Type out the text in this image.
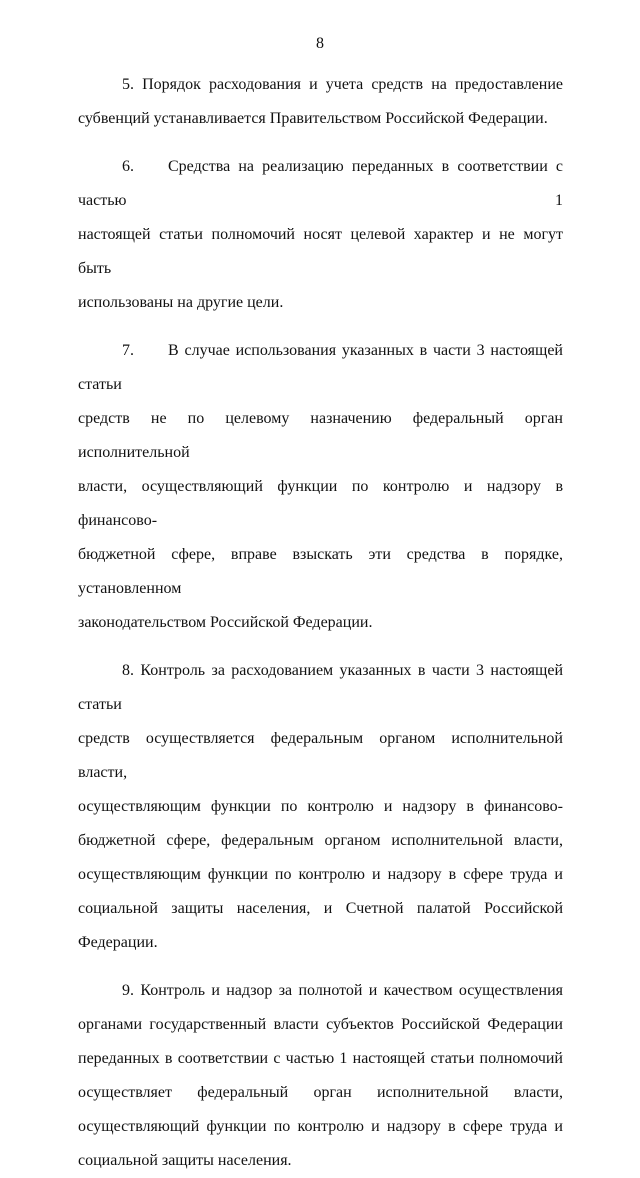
8
5. Порядок расходования и учета средств на предоставление
субвенций устанавливается Правительством Российской Федерации.
6. Средства на реализацию переданных в соответствии с частью 1
настоящей статьи полномочий носят целевой характер и не могут быть
использованы на другие цели.
7. В случае использования указанных в части 3 настоящей статьи
средств не по целевому назначению федеральный орган исполнительной
власти, осуществляющий функции по контролю и надзору в финансово-
бюджетной сфере, вправе взыскать эти средства в порядке, установленном
законодательством Российской Федерации.
8. Контроль за расходованием указанных в части 3 настоящей статьи
средств осуществляется федеральным органом исполнительной власти,
осуществляющим функции по контролю и надзору в финансово-
бюджетной сфере, федеральным органом исполнительной власти,
осуществляющим функции по контролю и надзору в сфере труда и
социальной защиты населения, и Счетной палатой Российской Федерации.
9. Контроль и надзор за полнотой и качеством осуществления
органами государственный власти субъектов Российской Федерации
переданных в соответствии с частью 1 настоящей статьи полномочий
осуществляет федеральный орган исполнительной власти,
осуществляющий функции по контролю и надзору в сфере труда и
социальной защиты населения.
